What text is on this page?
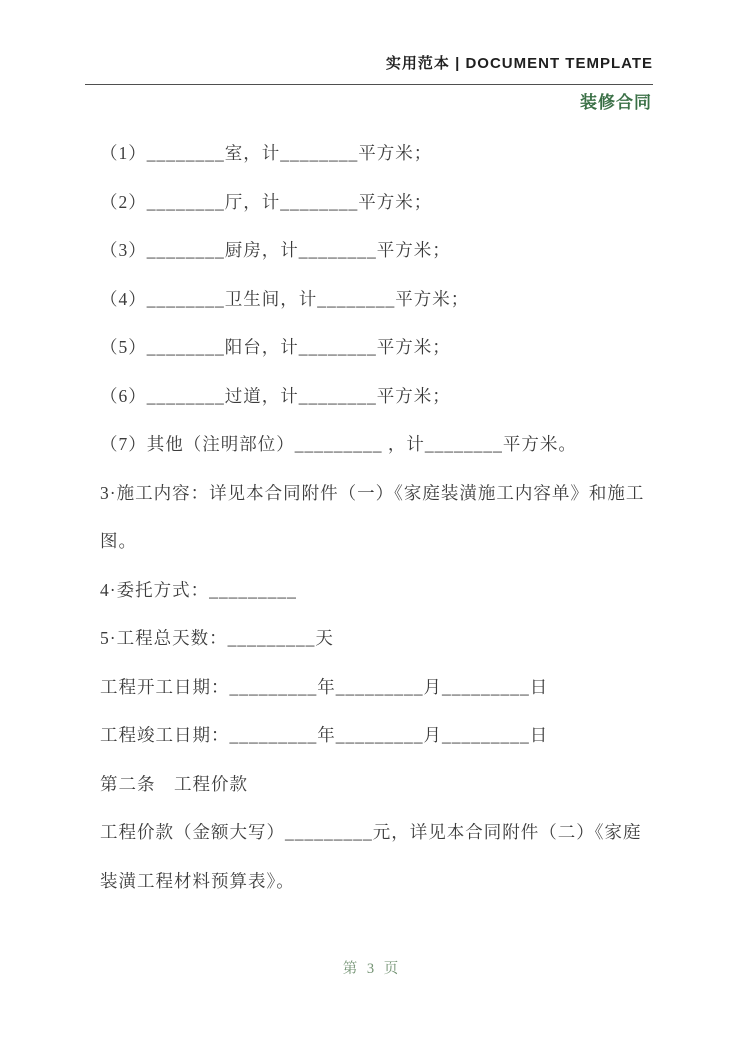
实用范本 | DOCUMENT TEMPLATE
装修合同

（1）________室，计________平方米；

（2）________厅，计________平方米；

（3）________厨房，计________平方米；

（4）________卫生间，计________平方米；

（5）________阳台，计________平方米；

（6）________过道，计________平方米；

（7）其他（注明部位）_________ ，计________平方米。

3·施工内容：详见本合同附件（一）《家庭装潢施工内容单》和施工图。

4·委托方式：_________

5·工程总天数：_________天

工程开工日期：_________年_________月_________日

工程竣工日期：_________年_________月_________日

第二条　工程价款

工程价款（金额大写）_________元，详见本合同附件（二）《家庭装潢工程材料预算表》。

第 3 页
